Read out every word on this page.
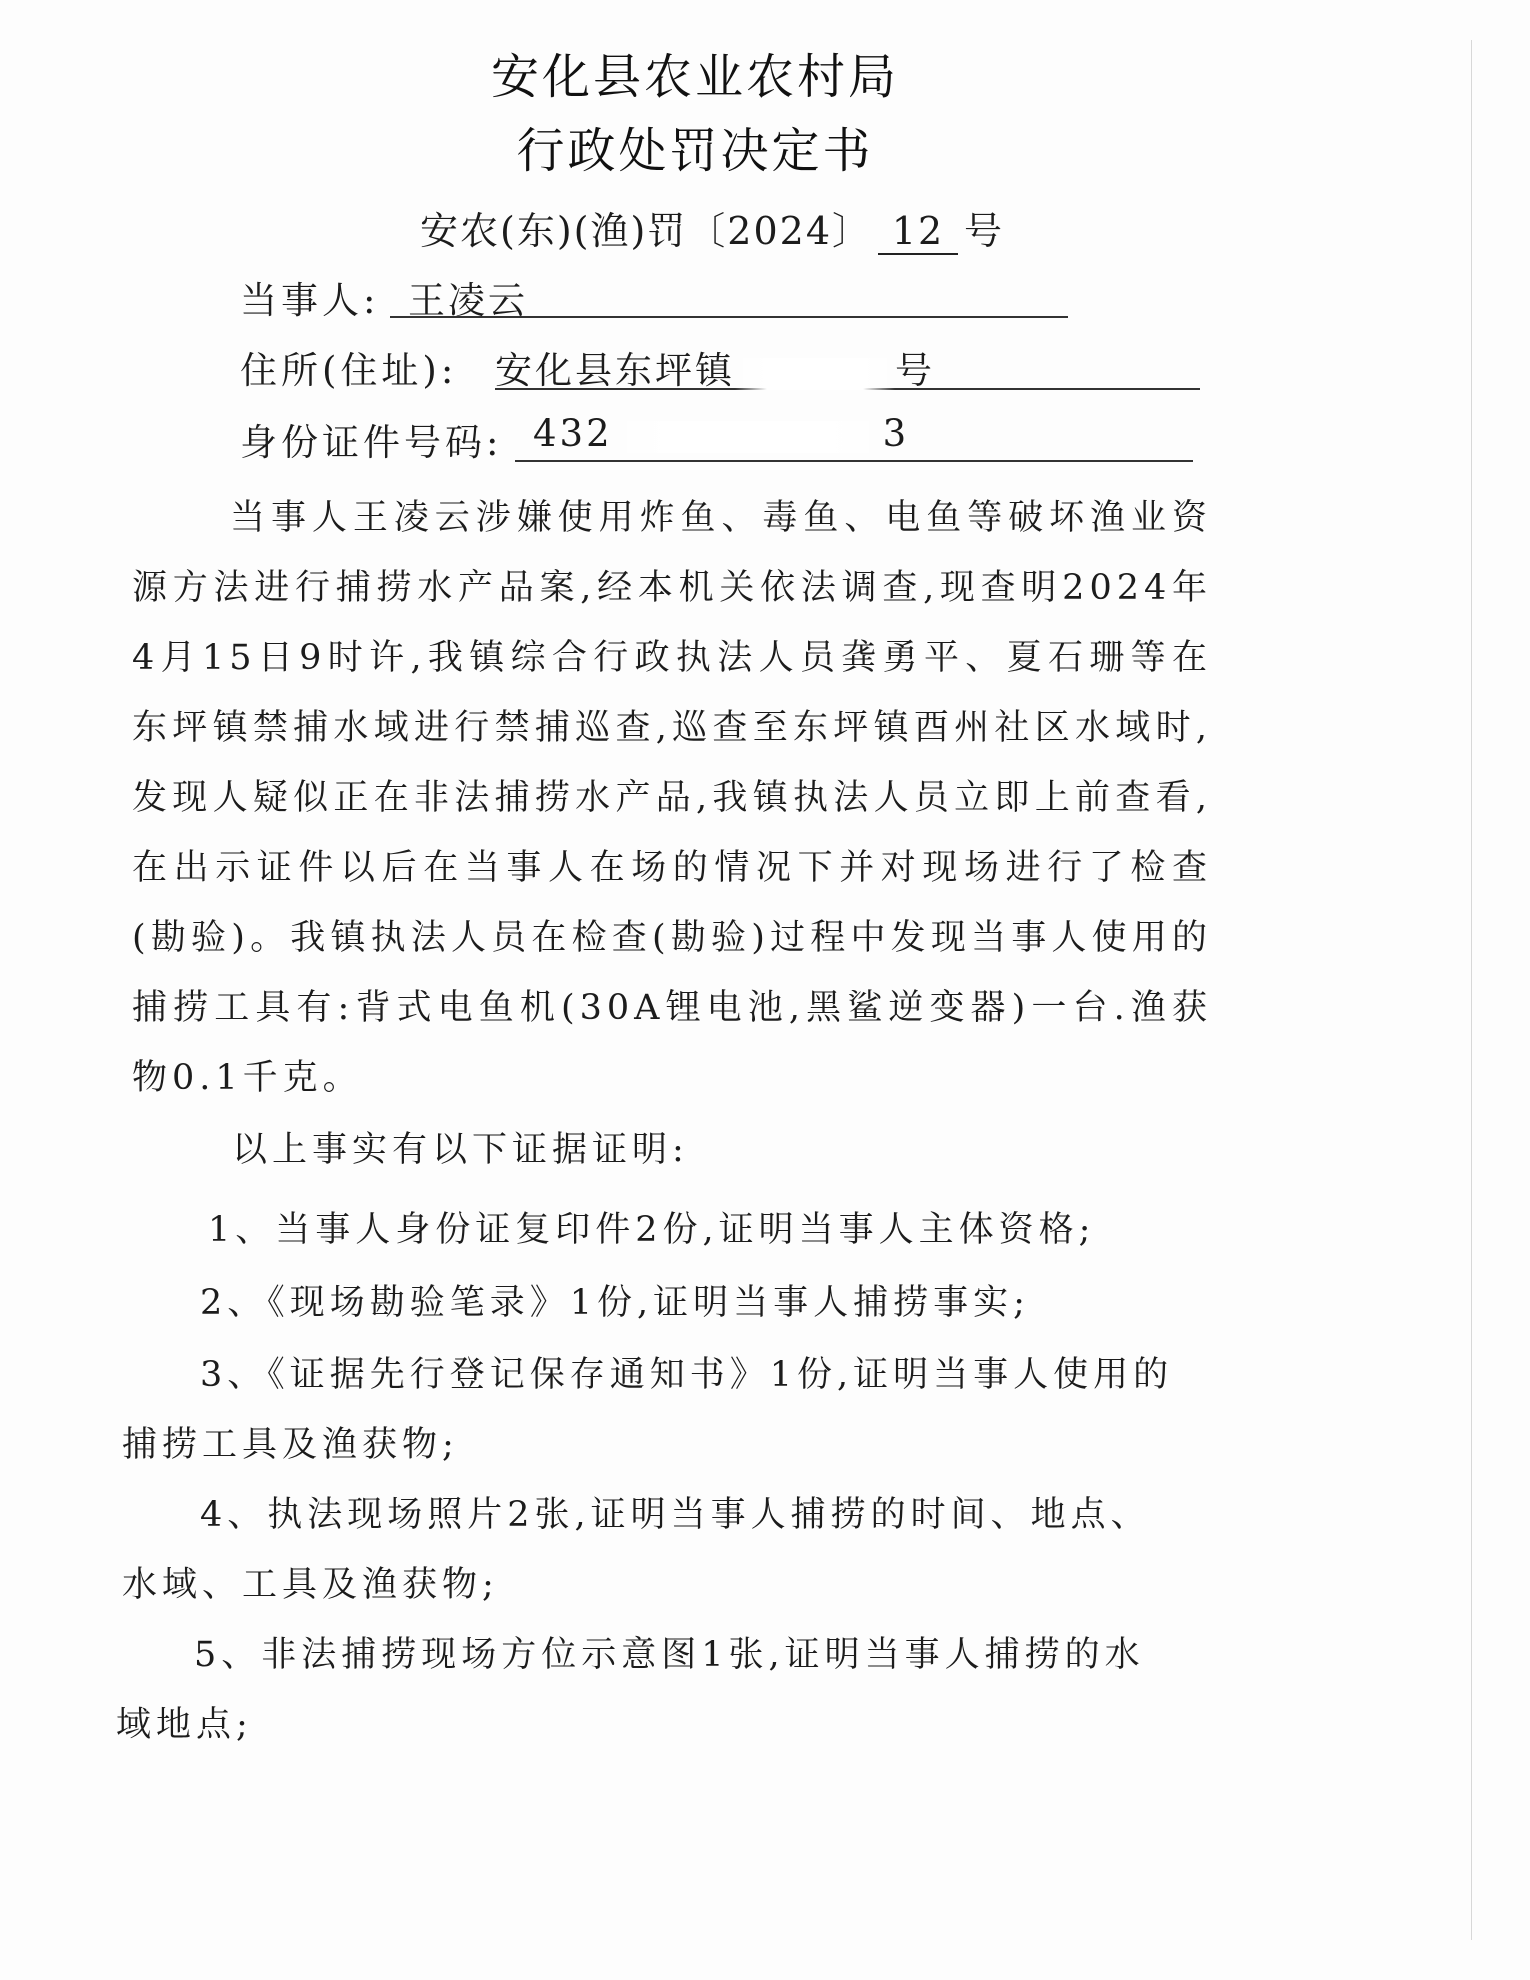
安化县农业农村局
行政处罚决定书
安农(东)(渔)罚〔2024〕 12 号
当事人: 王凌云
住所(住址): 安化县东坪镇	号
身份证件号码: 432	3
当事人王凌云涉嫌使用炸鱼、毒鱼、电鱼等破坏渔业资源方法进行捕捞水产品案,经本机关依法调查,现查明2024年4月15日9时许,我镇综合行政执法人员龚勇平、夏石珊等在东坪镇禁捕水域进行禁捕巡查,巡查至东坪镇酉州社区水域时,发现人疑似正在非法捕捞水产品,我镇执法人员立即上前查看,在出示证件以后在当事人在场的情况下并对现场进行了检查(勘验)。我镇执法人员在检查(勘验)过程中发现当事人使用的捕捞工具有:背式电鱼机(30A锂电池,黑鲨逆变器)一台.渔获物0.1千克。
以上事实有以下证据证明:
1、当事人身份证复印件2份,证明当事人主体资格;
2、《现场勘验笔录》1份,证明当事人捕捞事实;
3、《证据先行登记保存通知书》1份,证明当事人使用的捕捞工具及渔获物;
4、执法现场照片2张,证明当事人捕捞的时间、地点、水域、工具及渔获物;
5、非法捕捞现场方位示意图1张,证明当事人捕捞的水域地点;
